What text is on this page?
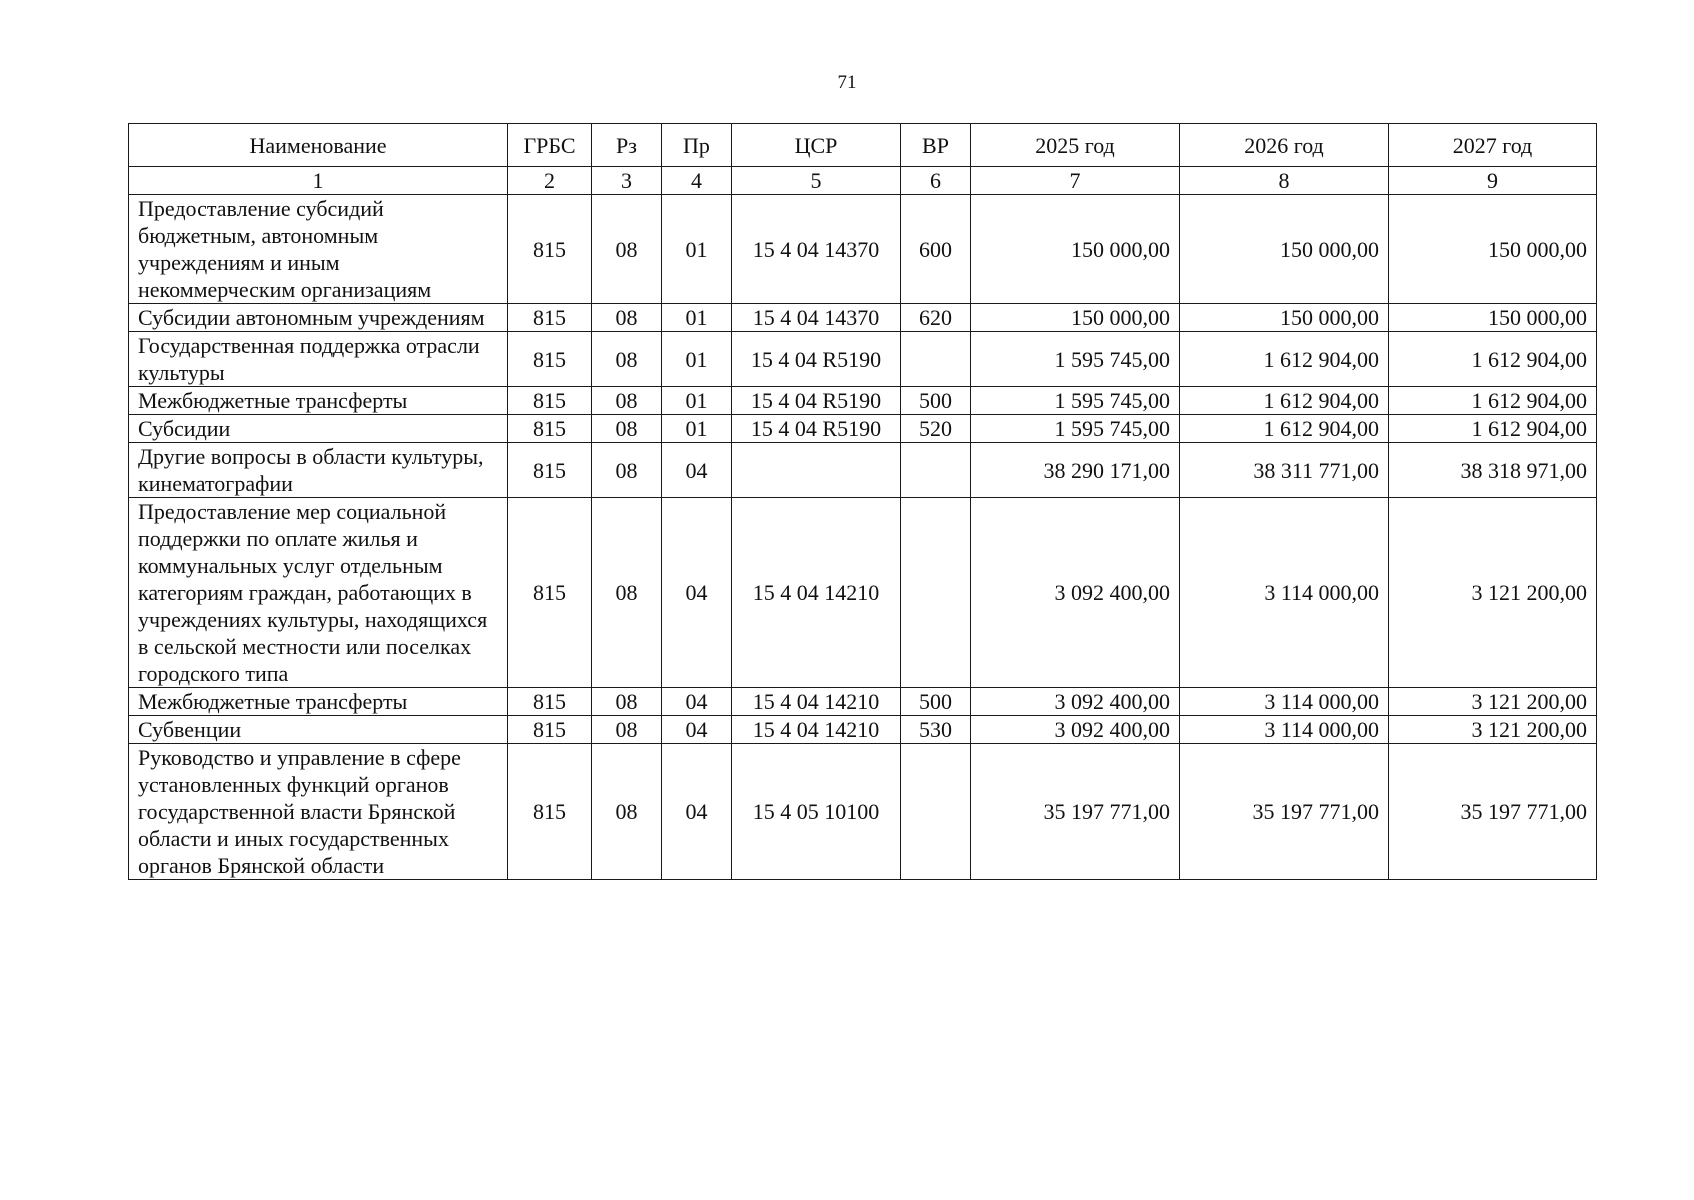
71
Наименование	ГРБС	Рз	Пр	ЦСР	ВР	2025 год	2026 год	2027 год
1	2	3	4	5	6	7	8	9
Предоставление субсидий бюджетным, автономным учреждениям и иным некоммерческим организациям	815	08	01	15 4 04 14370	600	150 000,00	150 000,00	150 000,00
Субсидии автономным учреждениям	815	08	01	15 4 04 14370	620	150 000,00	150 000,00	150 000,00
Государственная поддержка отрасли культуры	815	08	01	15 4 04 R5190		1 595 745,00	1 612 904,00	1 612 904,00
Межбюджетные трансферты	815	08	01	15 4 04 R5190	500	1 595 745,00	1 612 904,00	1 612 904,00
Субсидии	815	08	01	15 4 04 R5190	520	1 595 745,00	1 612 904,00	1 612 904,00
Другие вопросы в области культуры, кинематографии	815	08	04			38 290 171,00	38 311 771,00	38 318 971,00
Предоставление мер социальной поддержки по оплате жилья и коммунальных услуг отдельным категориям граждан, работающих в учреждениях культуры, находящихся в сельской местности или поселках городского типа	815	08	04	15 4 04 14210		3 092 400,00	3 114 000,00	3 121 200,00
Межбюджетные трансферты	815	08	04	15 4 04 14210	500	3 092 400,00	3 114 000,00	3 121 200,00
Субвенции	815	08	04	15 4 04 14210	530	3 092 400,00	3 114 000,00	3 121 200,00
Руководство и управление в сфере установленных функций органов государственной власти Брянской области и иных государственных органов Брянской области	815	08	04	15 4 05 10100		35 197 771,00	35 197 771,00	35 197 771,00
